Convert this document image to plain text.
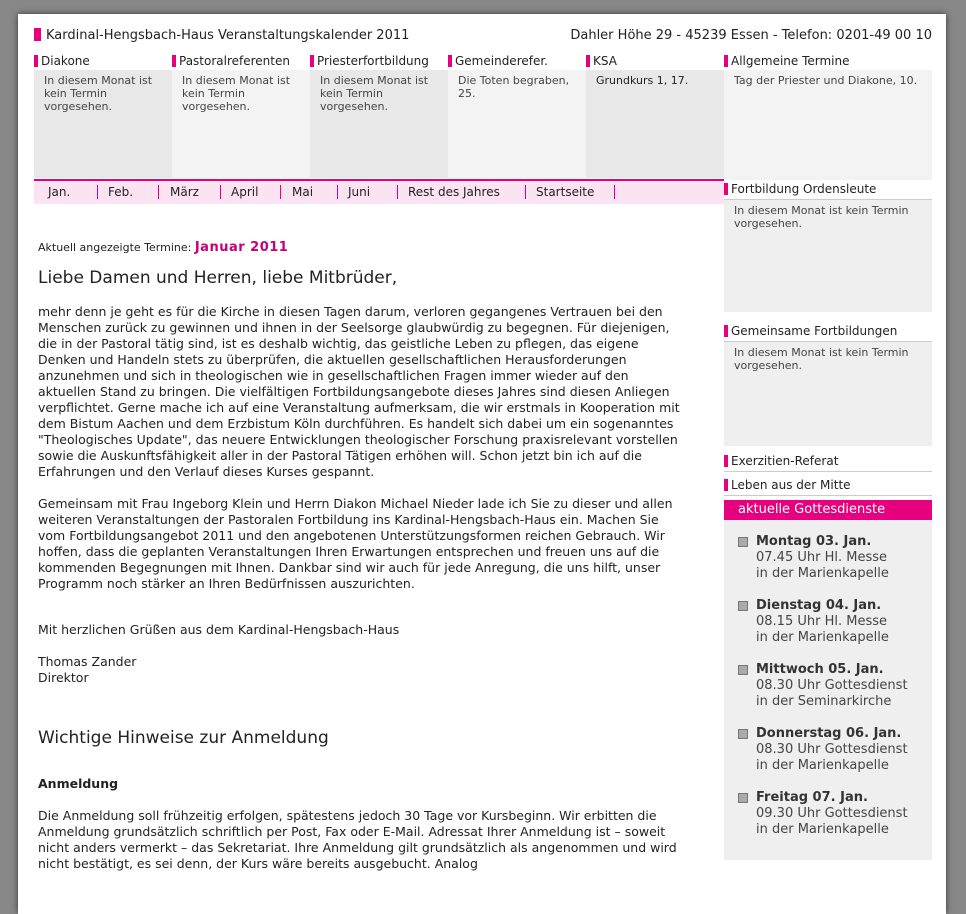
Kardinal-Hengsbach-Haus Veranstaltungskalender 2011	Dahler Höhe 29 - 45239 Essen - Telefon: 0201-49 00 10
Diakone
In diesem Monat ist kein Termin vorgesehen.
Pastoralreferenten
In diesem Monat ist kein Termin vorgesehen.
Priesterfortbildung
In diesem Monat ist kein Termin vorgesehen.
Gemeinderefer.
Die Toten begraben, 25.
KSA
Grundkurs 1, 17.
Allgemeine Termine
Tag der Priester und Diakone, 10.
Jan.	Feb.	März	April	Mai	Juni	Rest des Jahres	Startseite	Fortbildung Ordensleute
In diesem Monat ist kein Termin vorgesehen.
Gemeinsame Fortbildungen
In diesem Monat ist kein Termin vorgesehen.
Exerzitien-Referat
Leben aus der Mitte
aktuelle Gottesdienste
Montag 03. Jan.
07.45 Uhr Hl. Messe
in der Marienkapelle
Dienstag 04. Jan.
08.15 Uhr Hl. Messe
in der Marienkapelle
Mittwoch 05. Jan.
08.30 Uhr Gottesdienst
in der Seminarkirche
Donnerstag 06. Jan.
08.30 Uhr Gottesdienst
in der Marienkapelle
Freitag 07. Jan.
09.30 Uhr Gottesdienst
in der Marienkapelle
Aktuell angezeigte Termine: Januar 2011
Liebe Damen und Herren, liebe Mitbrüder,

mehr denn je geht es für die Kirche in diesen Tagen darum, verloren gegangenes Vertrauen bei den Menschen zurück zu gewinnen und ihnen in der Seelsorge glaubwürdig zu begegnen. Für diejenigen, die in der Pastoral tätig sind, ist es deshalb wichtig, das geistliche Leben zu pflegen, das eigene Denken und Handeln stets zu überprüfen, die aktuellen gesellschaftlichen Herausforderungen anzunehmen und sich in theologischen wie in gesellschaftlichen Fragen immer wieder auf den aktuellen Stand zu bringen. Die vielfältigen Fortbildungsangebote dieses Jahres sind diesen Anliegen verpflichtet. Gerne mache ich auf eine Veranstaltung aufmerksam, die wir erstmals in Kooperation mit dem Bistum Aachen und dem Erzbistum Köln durchführen. Es handelt sich dabei um ein sogenanntes "Theologisches Update", das neuere Entwicklungen theologischer Forschung praxisrelevant vorstellen sowie die Auskunftsfähigkeit aller in der Pastoral Tätigen erhöhen will. Schon jetzt bin ich auf die Erfahrungen und den Verlauf dieses Kurses gespannt.

Gemeinsam mit Frau Ingeborg Klein und Herrn Diakon Michael Nieder lade ich Sie zu dieser und allen weiteren Veranstaltungen der Pastoralen Fortbildung ins Kardinal-Hengsbach-Haus ein. Machen Sie vom Fortbildungsangebot 2011 und den angebotenen Unterstützungsformen reichen Gebrauch. Wir hoffen, dass die geplanten Veranstaltungen Ihren Erwartungen entsprechen und freuen uns auf die kommenden Begegnungen mit Ihnen. Dankbar sind wir auch für jede Anregung, die uns hilft, unser Programm noch stärker an Ihren Bedürfnissen auszurichten.

Mit herzlichen Grüßen aus dem Kardinal-Hengsbach-Haus

Thomas Zander
Direktor
Wichtige Hinweise zur Anmeldung
Anmeldung

Die Anmeldung soll frühzeitig erfolgen, spätestens jedoch 30 Tage vor Kursbeginn. Wir erbitten die Anmeldung grundsätzlich schriftlich per Post, Fax oder E-Mail. Adressat Ihrer Anmeldung ist – soweit nicht anders vermerkt – das Sekretariat. Ihre Anmeldung gilt grundsätzlich als angenommen und wird nicht bestätigt, es sei denn, der Kurs wäre bereits ausgebucht. Analog
